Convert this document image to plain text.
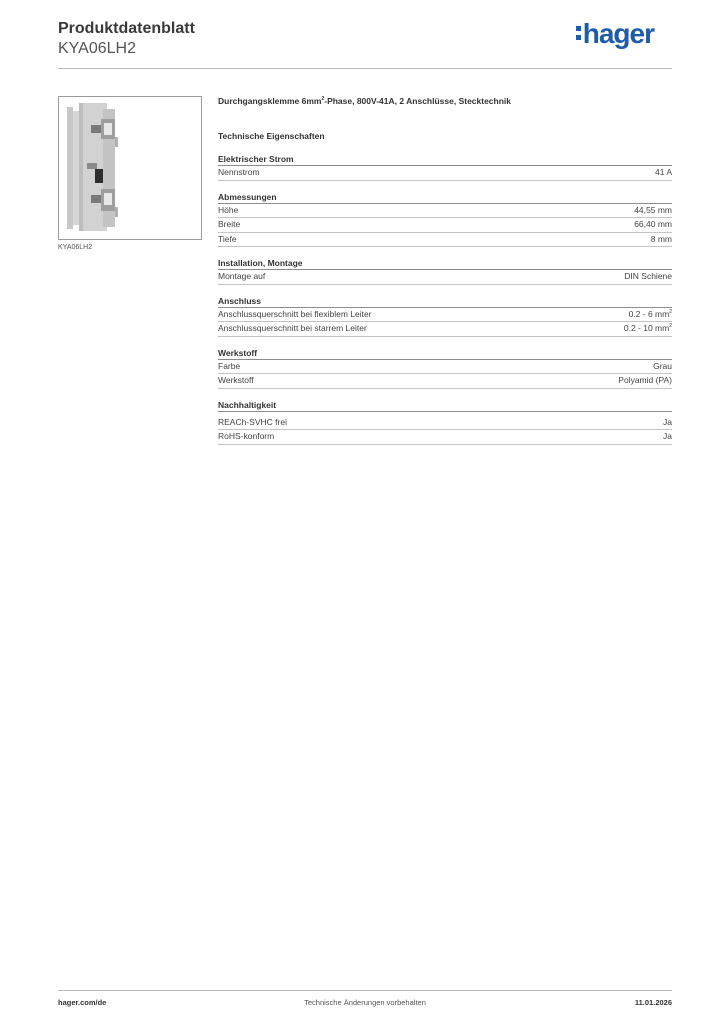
Produktdatenblatt
KYA06LH2	hager
KYA06LH2
Durchgangsklemme $6mm^2$-Phase, 800V-41A, 2 Anschlüsse, Stecktechnik
Technische Eigenschaften
Elektrischer Strom
Nennstrom	41 A
Abmessungen
Höhe	44,55 mm
Breite	66,40 mm
Tiefe	8 mm
Installation, Montage
Montage auf	DIN Schiene
Anschluss
Anschlussquerschnitt bei flexiblem Leiter	0.2 - 6 $mm^2$
Anschlussquerschnitt bei starrem Leiter	0.2 - 10 $mm^2$
Werkstoff
Farbe	Grau
Werkstoff	Polyamid (PA)
Nachhaltigkeit
REACh-SVHC frei	Ja
RoHS-konform	Ja
hager.com/de	Technische Änderungen vorbehalten	11.01.2026
